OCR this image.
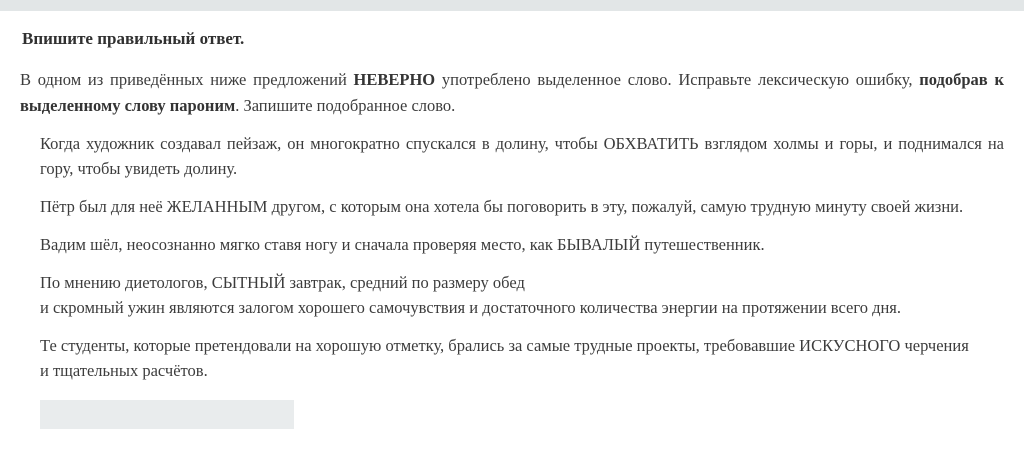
Впишите правильный ответ.

В одном из приведённых ниже предложений НЕВЕРНО употреблено выделенное слово. Исправьте лексическую ошибку, подобрав к выделенному слову пароним. Запишите подобранное слово.

Когда художник создавал пейзаж, он многократно спускался в долину, чтобы ОБХВАТИТЬ взглядом холмы и горы, и поднимался на гору, чтобы увидеть долину.

Пётр был для неё ЖЕЛАННЫМ другом, с которым она хотела бы поговорить в эту, пожалуй, самую трудную минуту своей жизни.

Вадим шёл, неосознанно мягко ставя ногу и сначала проверяя место, как БЫВАЛЫЙ путешественник.

По мнению диетологов, СЫТНЫЙ завтрак, средний по размеру обед
и скромный ужин являются залогом хорошего самочувствия и достаточного количества энергии на протяжении всего дня.

Те студенты, которые претендовали на хорошую отметку, брались за самые трудные проекты, требовавшие ИСКУСНОГО черчения
и тщательных расчётов.
